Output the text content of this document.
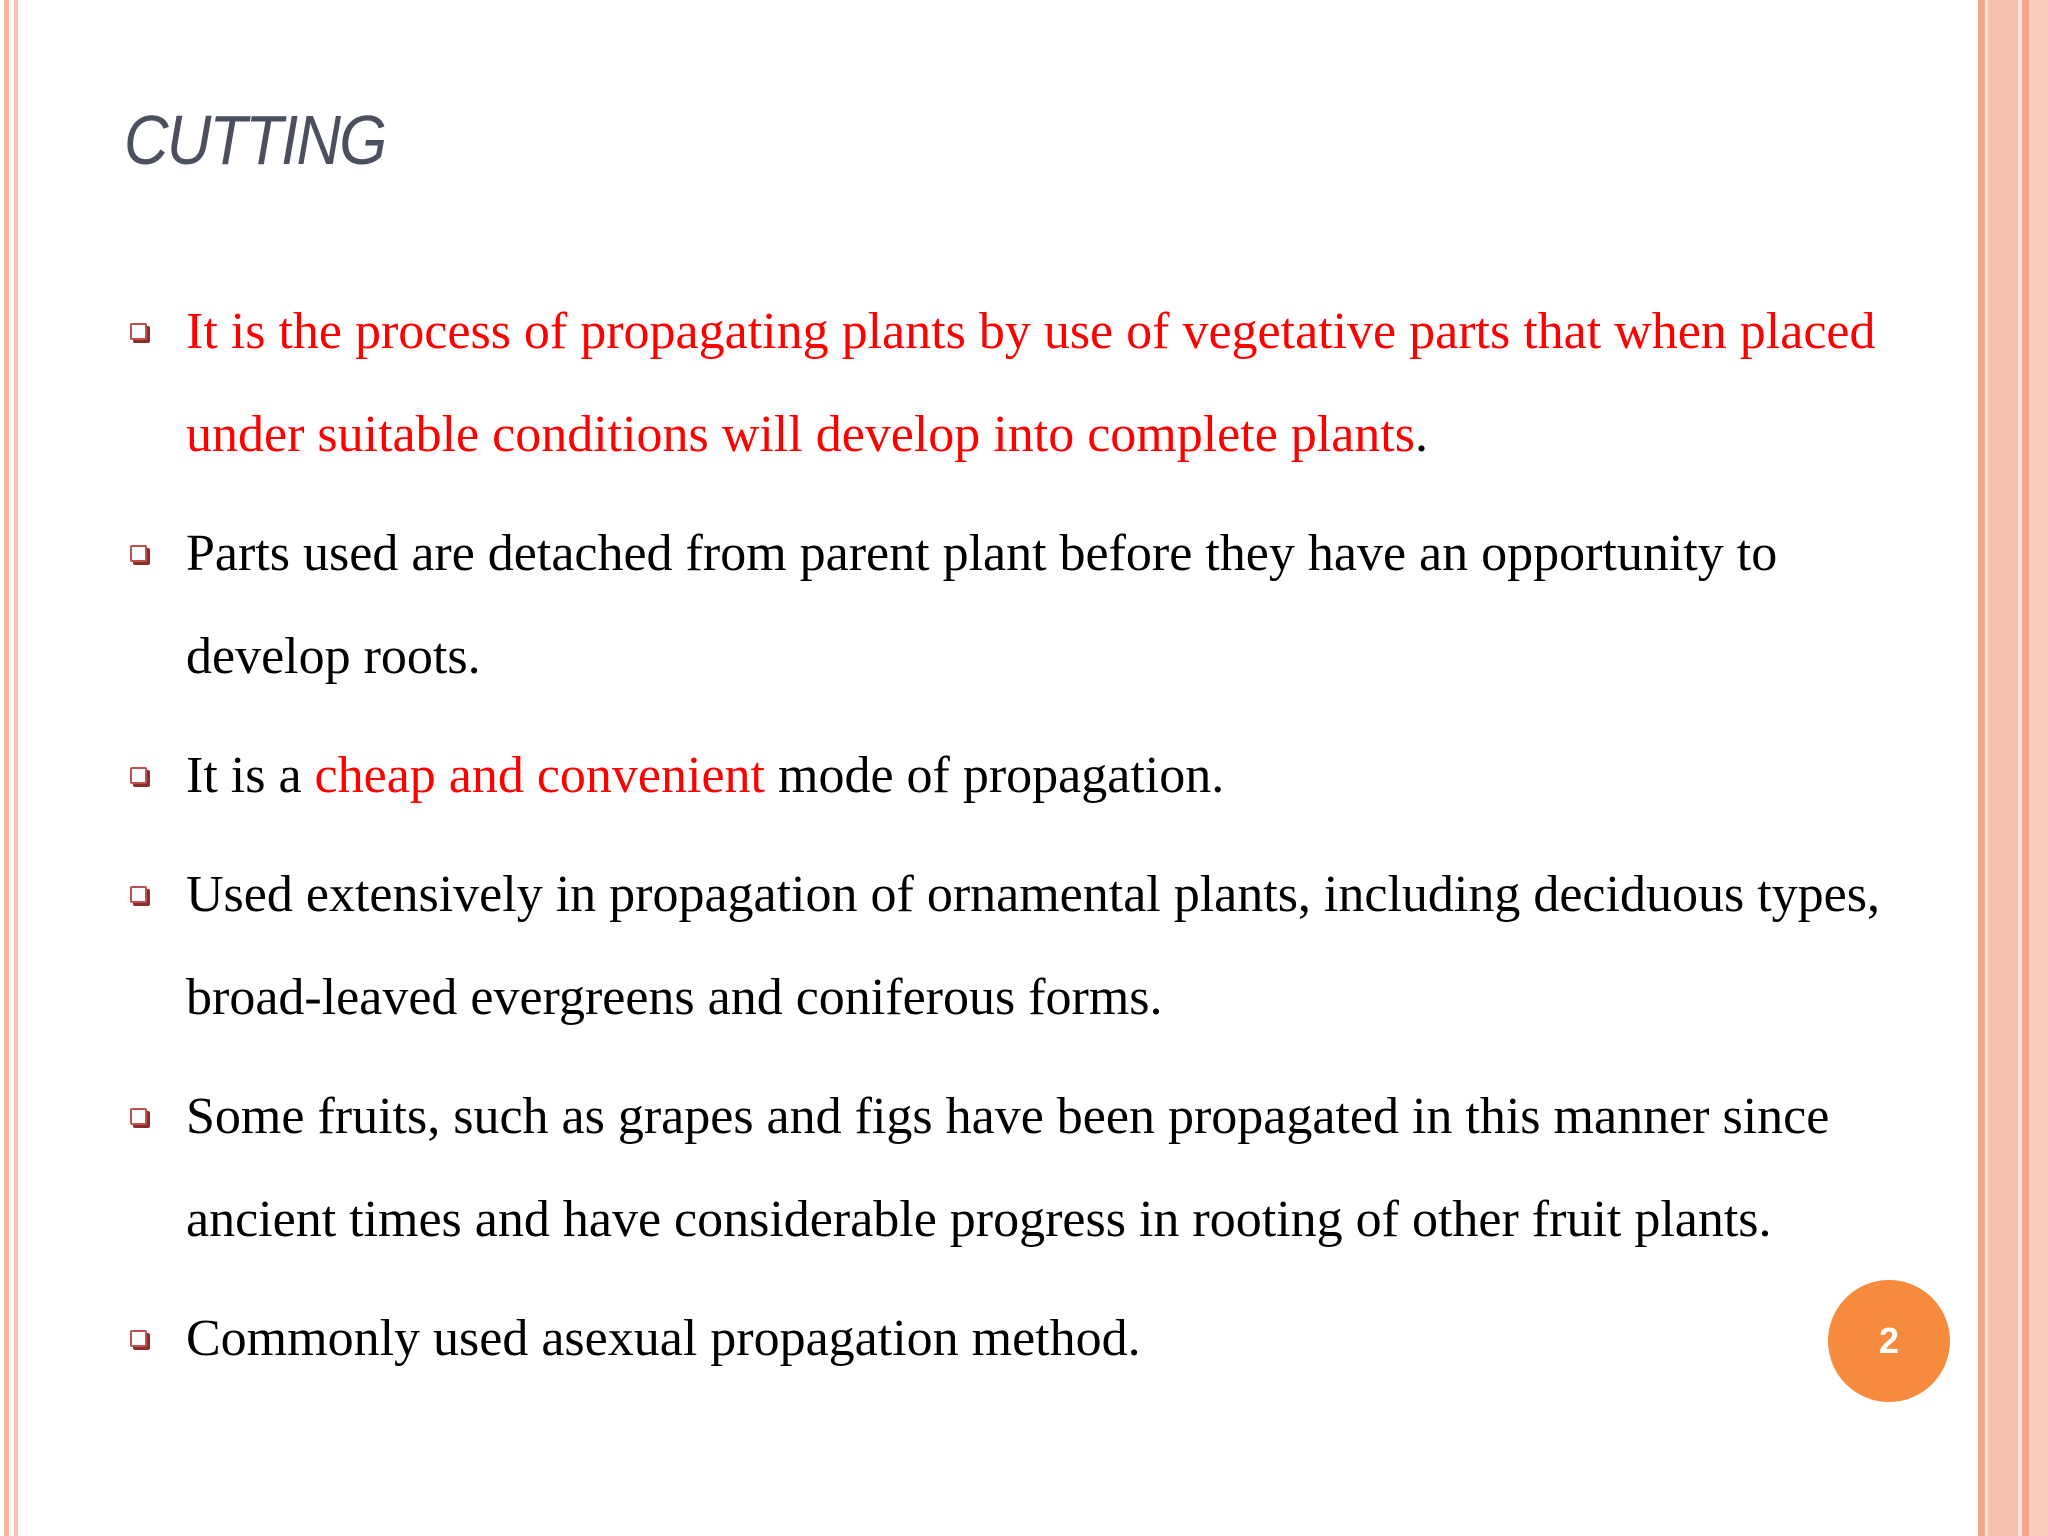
CUTTING
It is the process of propagating plants by use of vegetative parts that when placed under suitable conditions will develop into complete plants.
Parts used are detached from parent plant before they have an opportunity to develop roots.
It is a cheap and convenient mode of propagation.
Used extensively in propagation of ornamental plants, including deciduous types, broad-leaved evergreens and coniferous forms.
Some fruits, such as grapes and figs have been propagated in this manner since ancient times and have considerable progress in rooting of other fruit plants.
Commonly used asexual propagation method.	2
